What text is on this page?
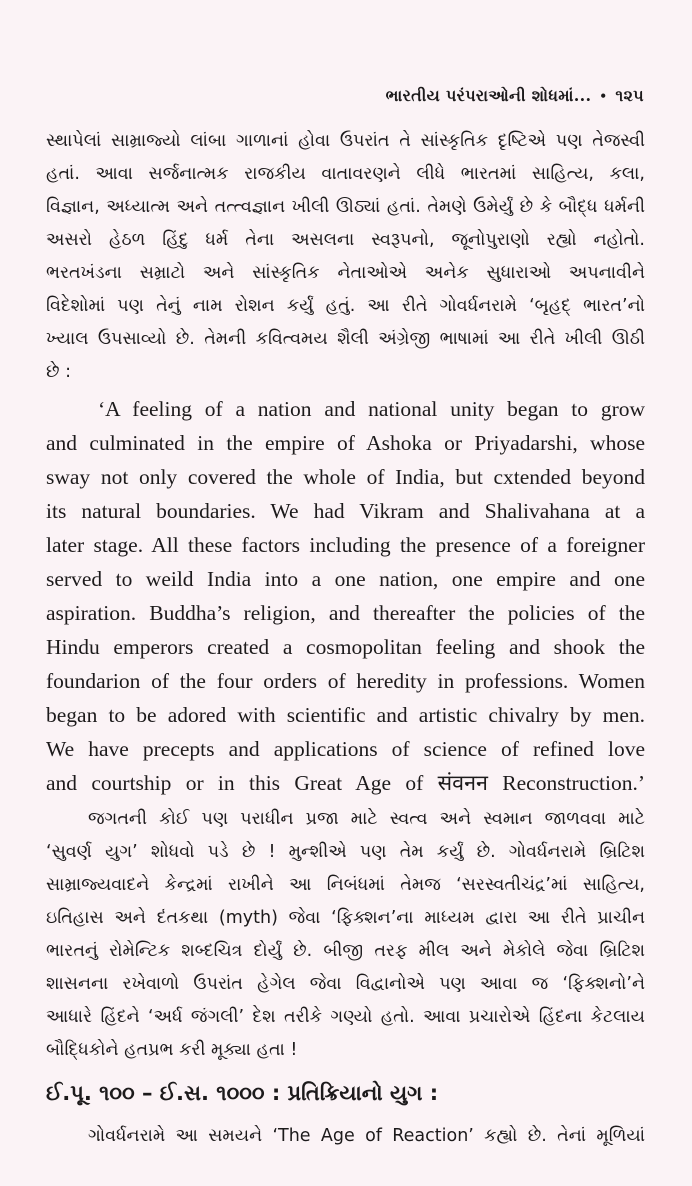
ભારતીય પરંપરાઓની શોધમાં... • ૧૨૫
સ્થાપેલાં સામ્રાજ્યો લાંબા ગાળાનાં હોવા ઉપરાંત તે સાંસ્કૃતિક દૃષ્ટિએ પણ તેજસ્વી
હતાં. આવા સર્જનાત્મક રાજકીય વાતાવરણને લીધે ભારતમાં સાહિત્ય, કલા,
વિજ્ઞાન, અધ્યાત્મ અને તત્ત્વજ્ઞાન ખીલી ઊઠ્યાં હતાં. તેમણે ઉમેર્યું છે કે બૌદ્ધ ધર્મની
અસરો હેઠળ હિંદુ ધર્મ તેના અસલના સ્વરૂપનો, જૂનોપુરાણો રહ્યો નહોતો.
ભરતખંડના સમ્રાટો અને સાંસ્કૃતિક નેતાઓએ અનેક સુધારાઓ અપનાવીને
વિદેશોમાં પણ તેનું નામ રોશન કર્યું હતું. આ રીતે ગોવર્ધનરામે ‘બૃહદ્ ભારત’નો
ખ્યાલ ઉપસાવ્યો છે. તેમની કવિત્વમય શૈલી અંગ્રેજી ભાષામાં આ રીતે ખીલી ઊઠી
છે :
‘A feeling of a nation and national unity began to grow
and culminated in the empire of Ashoka or Priyadarshi, whose
sway not only covered the whole of India, but cxtended beyond
its natural boundaries. We had Vikram and Shalivahana at a
later stage. All these factors including the presence of a foreigner
served to weild India into a one nation, one empire and one
aspiration. Buddha’s religion, and thereafter the policies of the
Hindu emperors created a cosmopolitan feeling and shook the
foundarion of the four orders of heredity in professions. Women
began to be adored with scientific and artistic chivalry by men.
We have precepts and applications of science of refined love
and courtship or in this Great Age of संवनन Reconstruction.’
જગતની કોઈ પણ પરાધીન પ્રજા માટે સ્વત્વ અને સ્વમાન જાળવવા માટે
‘સુવર્ણ યુગ’ શોધવો પડે છે ! મુન્શીએ પણ તેમ કર્યું છે. ગોવર્ધનરામે બ્રિટિશ
સામ્રાજ્યવાદને કેન્દ્રમાં રાખીને આ નિબંધમાં તેમજ ‘સરસ્વતીચંદ્ર’માં સાહિત્ય,
ઇતિહાસ અને દંતકથા (myth) જેવા ‘ફિક્શન’ના માધ્યમ દ્વારા આ રીતે પ્રાચીન
ભારતનું રોમેન્ટિક શબ્દચિત્ર દોર્યું છે. બીજી તરફ મીલ અને મેકોલે જેવા બ્રિટિશ
શાસનના રખેવાળો ઉપરાંત હેગેલ જેવા વિદ્વાનોએ પણ આવા જ ‘ફિક્શનો’ને
આધારે હિંદને ‘અર્ધ જંગલી’ દેશ તરીકે ગણ્યો હતો. આવા પ્રચારોએ હિંદના કેટલાય
બૌદ્ધિકોને હતપ્રભ કરી મૂક્યા હતા !
ઈ.પૂ. ૧૦૦ – ઈ.સ. ૧૦૦૦ : પ્રતિક્રિયાનો યુગ :
ગોવર્ધનરામે આ સમયને ‘The Age of Reaction’ કહ્યો છે. તેનાં મૂળિયાં
